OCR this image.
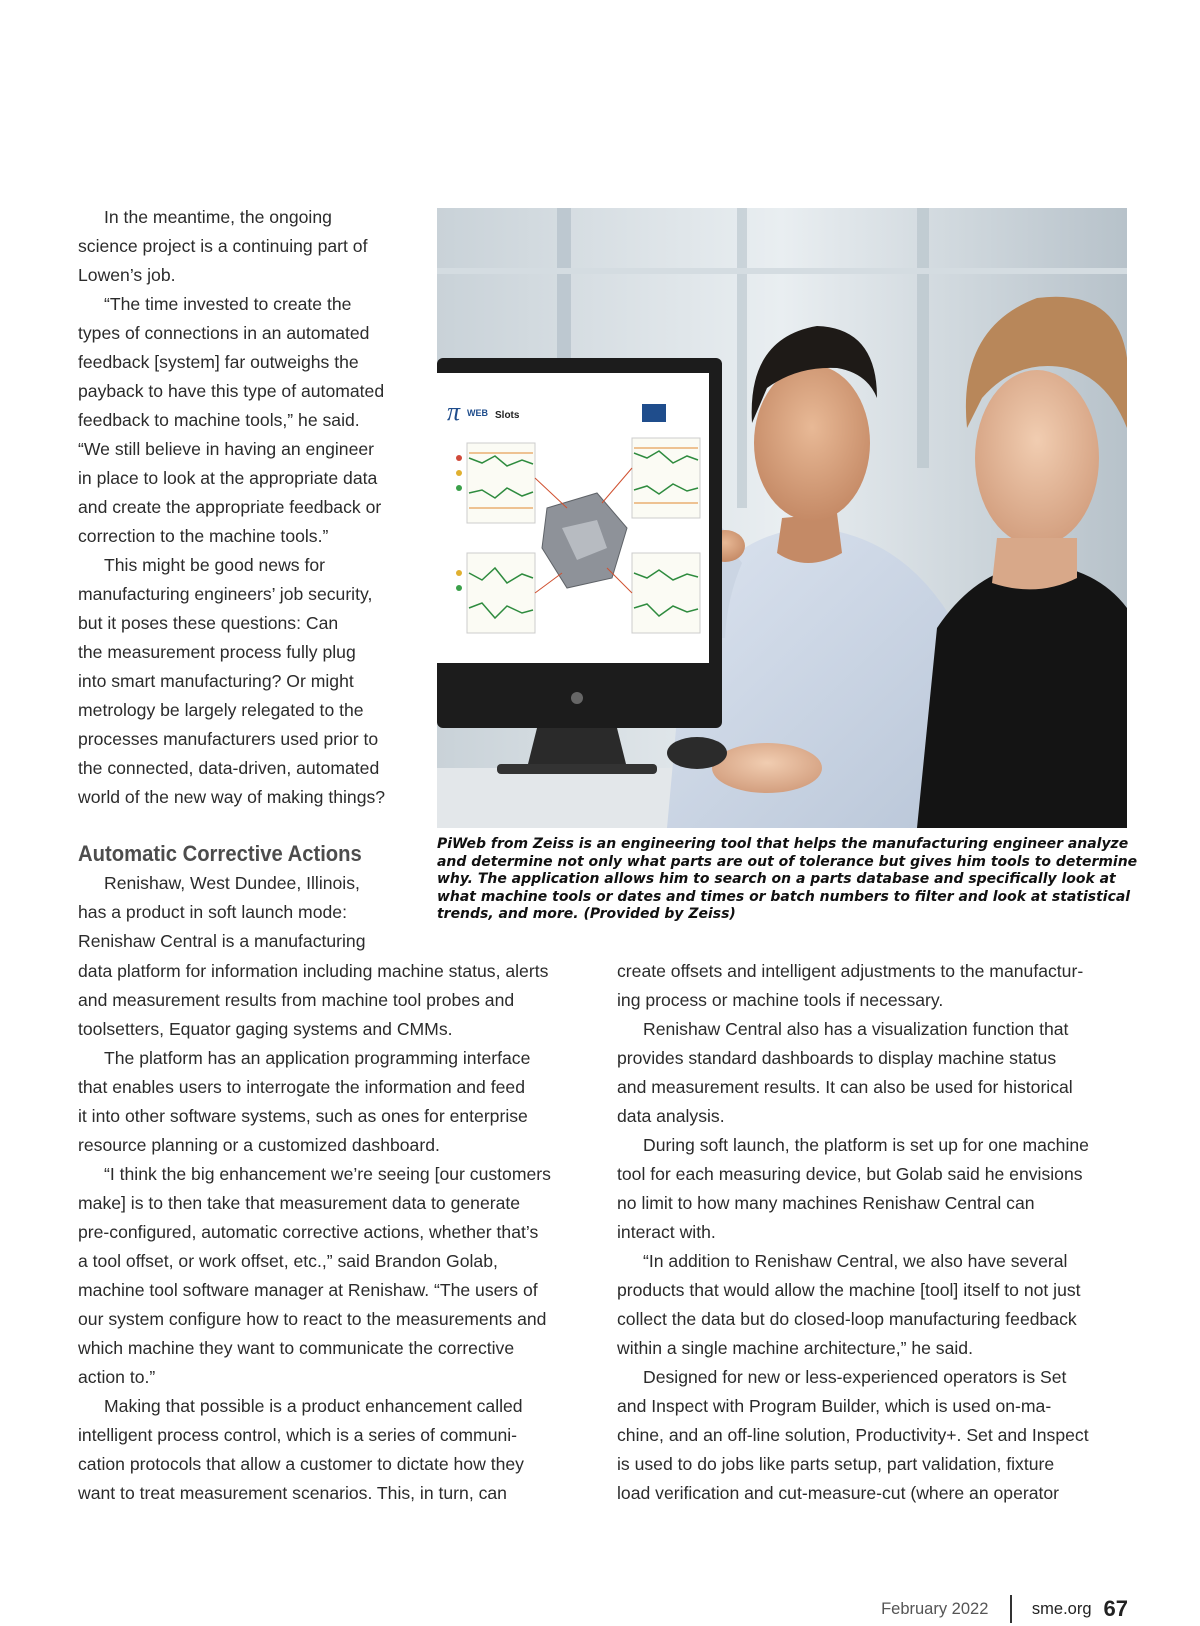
In the meantime, the ongoing
science project is a continuing part of
Lowen’s job.

“The time invested to create the
types of connections in an automated
feedback [system] far outweighs the
payback to have this type of automated
feedback to machine tools,” he said.
“We still believe in having an engineer
in place to look at the appropriate data
and create the appropriate feedback or
correction to the machine tools.”

This might be good news for
manufacturing engineers’ job security,
but it poses these questions: Can
the measurement process fully plug
into smart manufacturing? Or might
metrology be largely relegated to the
processes manufacturers used prior to
the connected, data-driven, automated
world of the new way of making things?

Automatic Corrective Actions

Renishaw, West Dundee, Illinois,
has a product in soft launch mode:
Renishaw Central is a manufacturing

data platform for information including machine status, alerts
and measurement results from machine tool probes and
toolsetters, Equator gaging systems and CMMs.

The platform has an application programming interface
that enables users to interrogate the information and feed
it into other software systems, such as ones for enterprise
resource planning or a customized dashboard.

“I think the big enhancement we’re seeing [our customers
make] is to then take that measurement data to generate
pre-configured, automatic corrective actions, whether that’s
a tool offset, or work offset, etc.,” said Brandon Golab,
machine tool software manager at Renishaw. “The users of
our system configure how to react to the measurements and
which machine they want to communicate the corrective
action to.”

Making that possible is a product enhancement called
intelligent process control, which is a series of communi-
cation protocols that allow a customer to dictate how they
want to treat measurement scenarios. This, in turn, can

create offsets and intelligent adjustments to the manufactur-
ing process or machine tools if necessary.

Renishaw Central also has a visualization function that
provides standard dashboards to display machine status
and measurement results. It can also be used for historical
data analysis.

During soft launch, the platform is set up for one machine
tool for each measuring device, but Golab said he envisions
no limit to how many machines Renishaw Central can
interact with.

“In addition to Renishaw Central, we also have several
products that would allow the machine [tool] itself to not just
collect the data but do closed-loop manufacturing feedback
within a single machine architecture,” he said.

Designed for new or less-experienced operators is Set
and Inspect with Program Builder, which is used on-ma-
chine, and an off-line solution, Productivity+. Set and Inspect
is used to do jobs like parts setup, part validation, fixture
load verification and cut-measure-cut (where an operator

π WEB Slots
PiWeb from Zeiss is an engineering tool that helps the manufacturing engineer analyze
and determine not only what parts are out of tolerance but gives him tools to determine
why. The application allows him to search on a parts database and specifically look at
what machine tools or dates and times or batch numbers to filter and look at statistical
trends, and more. (Provided by Zeiss)
February 2022	sme.org 67
